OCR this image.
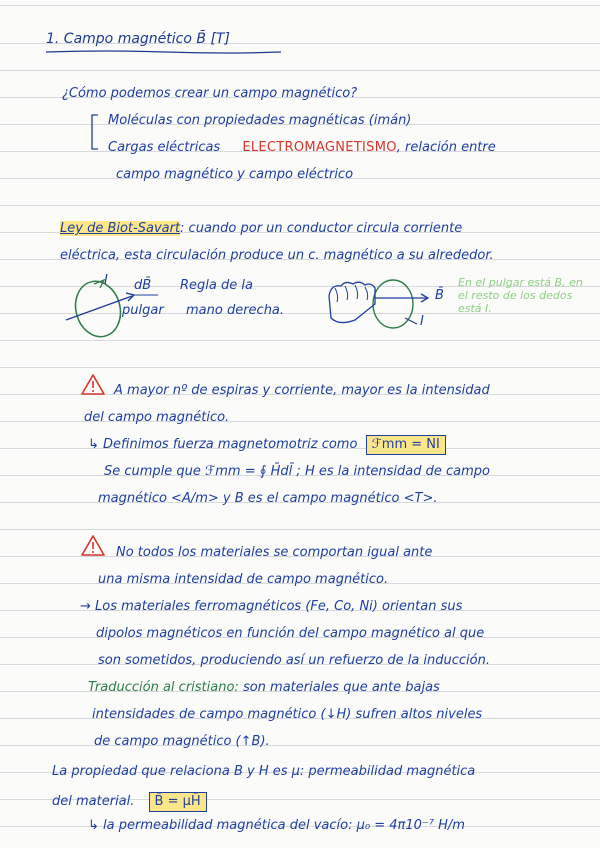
1. Campo magnético B̄ [T]
¿Cómo podemos crear un campo magnético?
Moléculas con propiedades magnéticas (imán)
Cargas eléctricas ELECTROMAGNETISMO, relación entre
campo magnético y campo eléctrico
Ley de Biot-Savart: cuando por un conductor circula corriente
eléctrica, esta circulación produce un c. magnético a su alrededor.
I dB̄ Regla de la
pulgar mano derecha.
B̄
I
En el pulgar está B, en el resto de los dedos está I.
A mayor nº de espiras y corriente, mayor es la intensidad
del campo magnético.
↳ Definimos fuerza magnetomotriz como ℱmm = NI
Se cumple que ℱmm = ∮ H̄dl̄ ; H es la intensidad de campo
magnético <A/m> y B es el campo magnético <T>.
No todos los materiales se comportan igual ante
una misma intensidad de campo magnético.
→ Los materiales ferromagnéticos (Fe, Co, Ni) orientan sus
dipolos magnéticos en función del campo magnético al que
son sometidos, produciendo así un refuerzo de la inducción.
Traducción al cristiano: son materiales que ante bajas
intensidades de campo magnético (↓H) sufren altos niveles
de campo magnético (↑B).
La propiedad que relaciona B y H es μ: permeabilidad magnética
del material. B̄ = μH̄
↳ la permeabilidad magnética del vacío: μ₀ = 4π10⁻⁷ H/m
